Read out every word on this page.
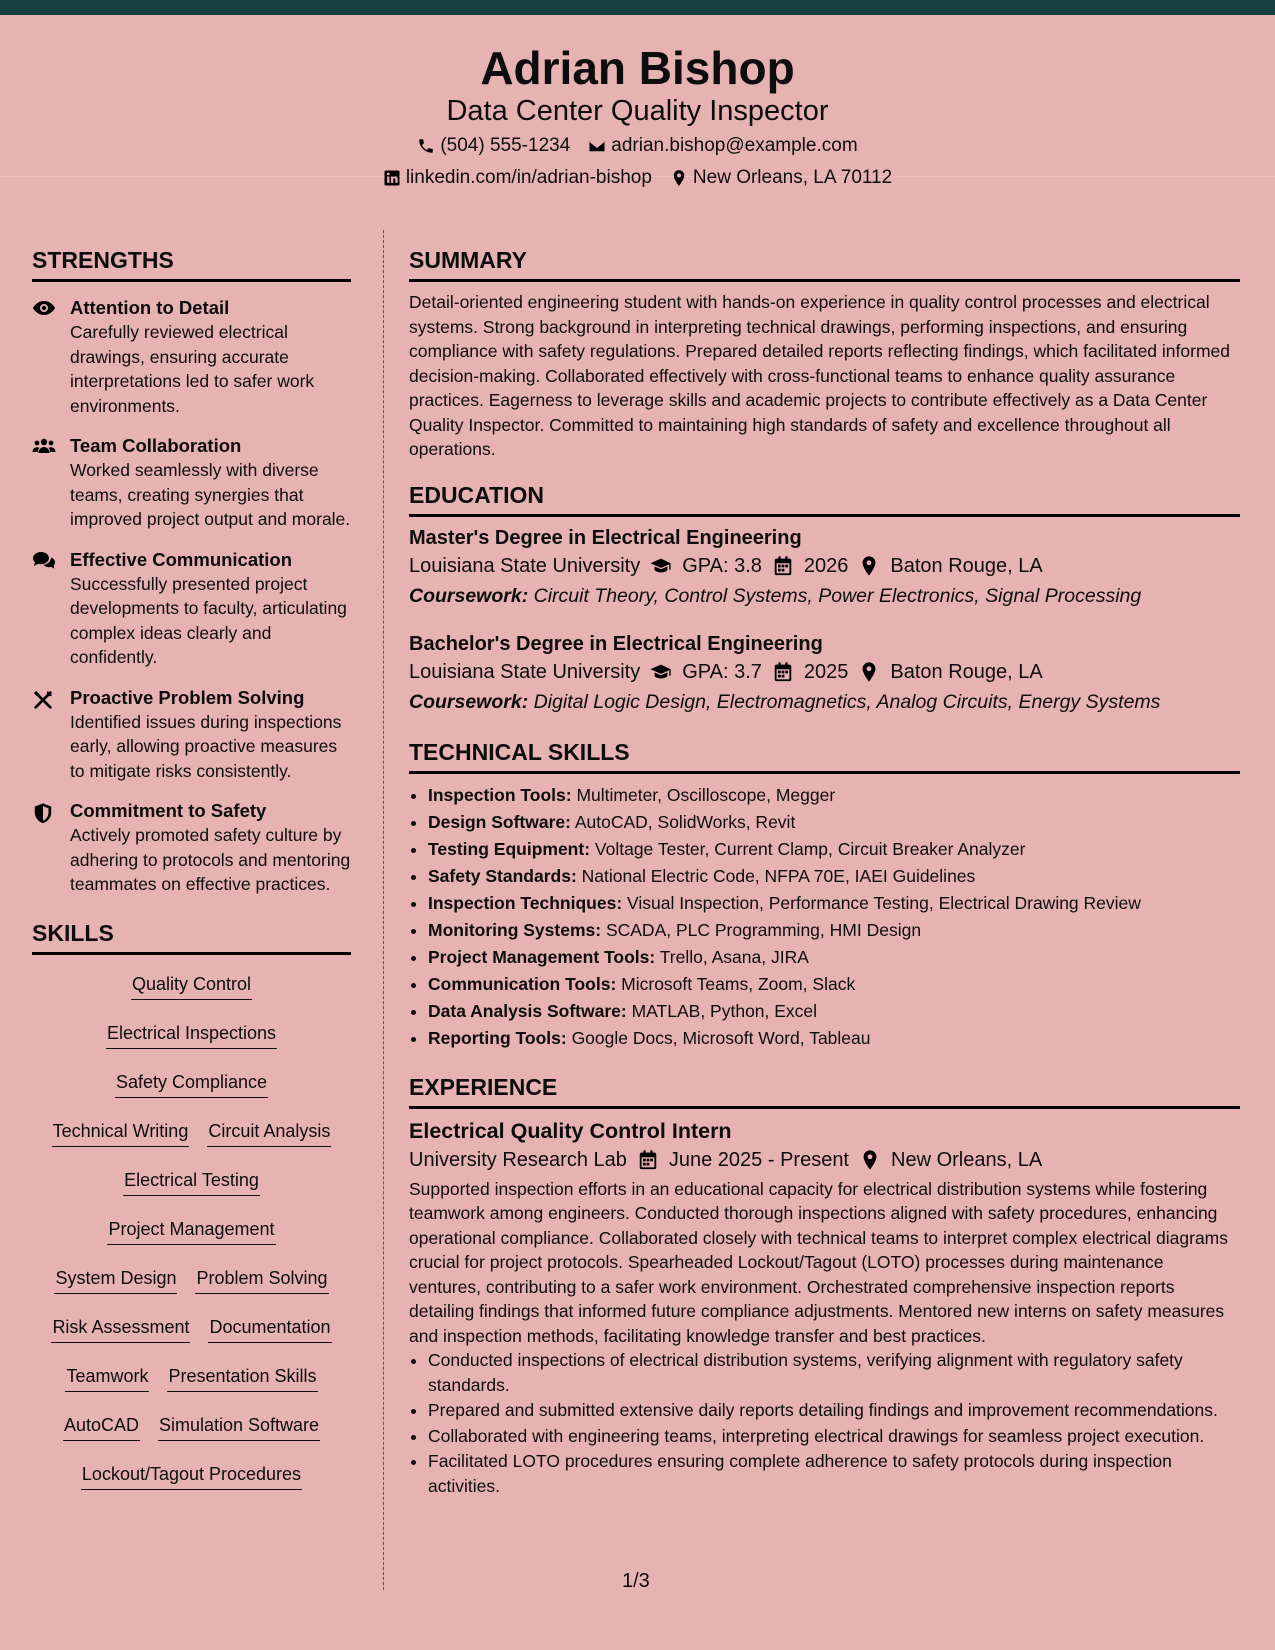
Adrian Bishop
Data Center Quality Inspector
(504) 555-1234 adrian.bishop@example.com
linkedin.com/in/adrian-bishop New Orleans, LA 70112
STRENGTHS
Attention to Detail
Carefully reviewed electrical drawings, ensuring accurate interpretations led to safer work environments.
Team Collaboration
Worked seamlessly with diverse teams, creating synergies that improved project output and morale.
Effective Communication
Successfully presented project developments to faculty, articulating complex ideas clearly and confidently.
Proactive Problem Solving
Identified issues during inspections early, allowing proactive measures to mitigate risks consistently.
Commitment to Safety
Actively promoted safety culture by adhering to protocols and mentoring teammates on effective practices.
SKILLS
Quality Control
Electrical Inspections
Safety Compliance
Technical Writing Circuit Analysis
Electrical Testing
Project Management
System Design Problem Solving
Risk Assessment Documentation
Teamwork Presentation Skills
AutoCAD Simulation Software
Lockout/Tagout Procedures
SUMMARY
Detail-oriented engineering student with hands-on experience in quality control processes and electrical systems. Strong background in interpreting technical drawings, performing inspections, and ensuring compliance with safety regulations. Prepared detailed reports reflecting findings, which facilitated informed decision-making. Collaborated effectively with cross-functional teams to enhance quality assurance practices. Eagerness to leverage skills and academic projects to contribute effectively as a Data Center Quality Inspector. Committed to maintaining high standards of safety and excellence throughout all operations.
EDUCATION
Master's Degree in Electrical Engineering
Louisiana State University GPA: 3.8 2026 Baton Rouge, LA
Coursework: Circuit Theory, Control Systems, Power Electronics, Signal Processing
Bachelor's Degree in Electrical Engineering
Louisiana State University GPA: 3.7 2025 Baton Rouge, LA
Coursework: Digital Logic Design, Electromagnetics, Analog Circuits, Energy Systems
TECHNICAL SKILLS
• Inspection Tools: Multimeter, Oscilloscope, Megger
• Design Software: AutoCAD, SolidWorks, Revit
• Testing Equipment: Voltage Tester, Current Clamp, Circuit Breaker Analyzer
• Safety Standards: National Electric Code, NFPA 70E, IAEI Guidelines
• Inspection Techniques: Visual Inspection, Performance Testing, Electrical Drawing Review
• Monitoring Systems: SCADA, PLC Programming, HMI Design
• Project Management Tools: Trello, Asana, JIRA
• Communication Tools: Microsoft Teams, Zoom, Slack
• Data Analysis Software: MATLAB, Python, Excel
• Reporting Tools: Google Docs, Microsoft Word, Tableau
EXPERIENCE
Electrical Quality Control Intern
University Research Lab June 2025 - Present New Orleans, LA
Supported inspection efforts in an educational capacity for electrical distribution systems while fostering teamwork among engineers. Conducted thorough inspections aligned with safety procedures, enhancing operational compliance. Collaborated closely with technical teams to interpret complex electrical diagrams crucial for project protocols. Spearheaded Lockout/Tagout (LOTO) processes during maintenance ventures, contributing to a safer work environment. Orchestrated comprehensive inspection reports detailing findings that informed future compliance adjustments. Mentored new interns on safety measures and inspection methods, facilitating knowledge transfer and best practices.
• Conducted inspections of electrical distribution systems, verifying alignment with regulatory safety standards.
• Prepared and submitted extensive daily reports detailing findings and improvement recommendations.
• Collaborated with engineering teams, interpreting electrical drawings for seamless project execution.
• Facilitated LOTO procedures ensuring complete adherence to safety protocols during inspection activities.
1/3
